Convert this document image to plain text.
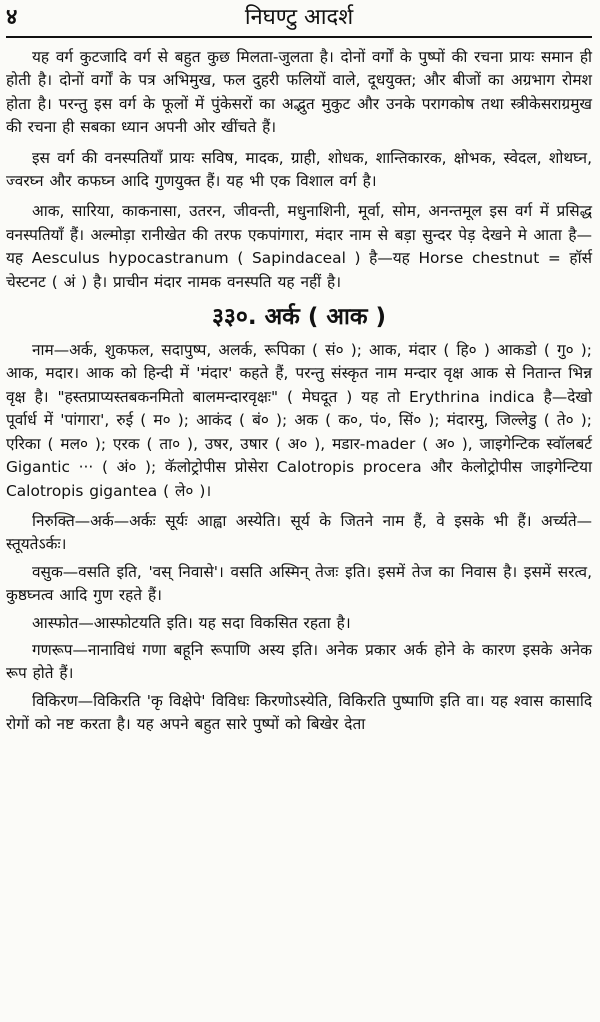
४	निघण्टु आदर्श

यह वर्ग कुटजादि वर्ग से बहुत कुछ मिलता-जुलता है। दोनों वर्गों के पुष्पों की रचना प्रायः समान ही होती है। दोनों वर्गों के पत्र अभिमुख, फल दुहरी फलियों वाले, दूधयुक्त; और बीजों का अग्रभाग रोमश होता है। परन्तु इस वर्ग के फूलों में पुंकेसरों का अद्भुत मुकुट और उनके परागकोष तथा स्त्रीकेसराग्रमुख की रचना ही सबका ध्यान अपनी ओर खींचते हैं।

इस वर्ग की वनस्पतियाँ प्रायः सविष, मादक, ग्राही, शोधक, शान्तिकारक, क्षोभक, स्वेदल, शोथघ्न, ज्वरघ्न और कफघ्न आदि गुणयुक्त हैं। यह भी एक विशाल वर्ग है।

आक, सारिया, काकनासा, उतरन, जीवन्ती, मधुनाशिनी, मूर्वा, सोम, अनन्तमूल इस वर्ग में प्रसिद्ध वनस्पतियाँ हैं। अल्मोड़ा रानीखेत की तरफ एकपांगारा, मंदार नाम से बड़ा सुन्दर पेड़ देखने मे आता है—यह Aesculus hypocastranum ( Sapindaceal ) है—यह Horse chestnut = हॉर्स चेस्टनट ( अं ) है। प्राचीन मंदार नामक वनस्पति यह नहीं है।

३३०. अर्क ( आक )

नाम—अर्क, शुकफल, सदापुष्प, अलर्क, रूपिका ( सं० ); आक, मंदार ( हि० ) आकडो ( गु० ); आक, मदार। आक को हिन्दी में 'मंदार' कहते हैं, परन्तु संस्कृत नाम मन्दार वृक्ष आक से नितान्त भिन्न वृक्ष है। "हस्तप्राप्यस्तबकनमितो बालमन्दारवृक्षः" ( मेघदूत ) यह तो Erythrina indica है—देखो पूर्वार्ध में 'पांगारा', रुई ( म० ); आकंद ( बं० ); अक ( क०, पं०, सिं० ); मंदारमु, जिल्लेडु ( ते० ); एरिका ( मल० ); एरक ( ता० ), उषर, उषार ( अ० ), मडार-mader ( अ० ), जाइगेन्टिक स्वॉलबर्ट Gigantic ··· ( अं० ); कॅलोट्रोपीस प्रोसेरा Calotropis procera और केलोट्रोपीस जाइगेन्टिया Calotropis gigantea ( ले० )।

निरुक्ति—अर्क—अर्कः सूर्यः आह्वा अस्येति। सूर्य के जितने नाम हैं, वे इसके भी हैं। अर्च्यते—स्तूयतेऽर्कः।

वसुक—वसति इति, 'वस् निवासे'। वसति अस्मिन् तेजः इति। इसमें तेज का निवास है। इसमें सरत्व, कुष्ठघ्नत्व आदि गुण रहते हैं।

आस्फोत—आस्फोटयति इति। यह सदा विकसित रहता है।

गणरूप—नानाविधं गणा बहूनि रूपाणि अस्य इति। अनेक प्रकार अर्क होने के कारण इसके अनेक रूप होते हैं।

विकिरण—विकिरति 'कृ विक्षेपे' विविधः किरणोऽस्येति, विकिरति पुष्पाणि इति वा। यह श्वास कासादि रोगों को नष्ट करता है। यह अपने बहुत सारे पुष्पों को बिखेर देता
